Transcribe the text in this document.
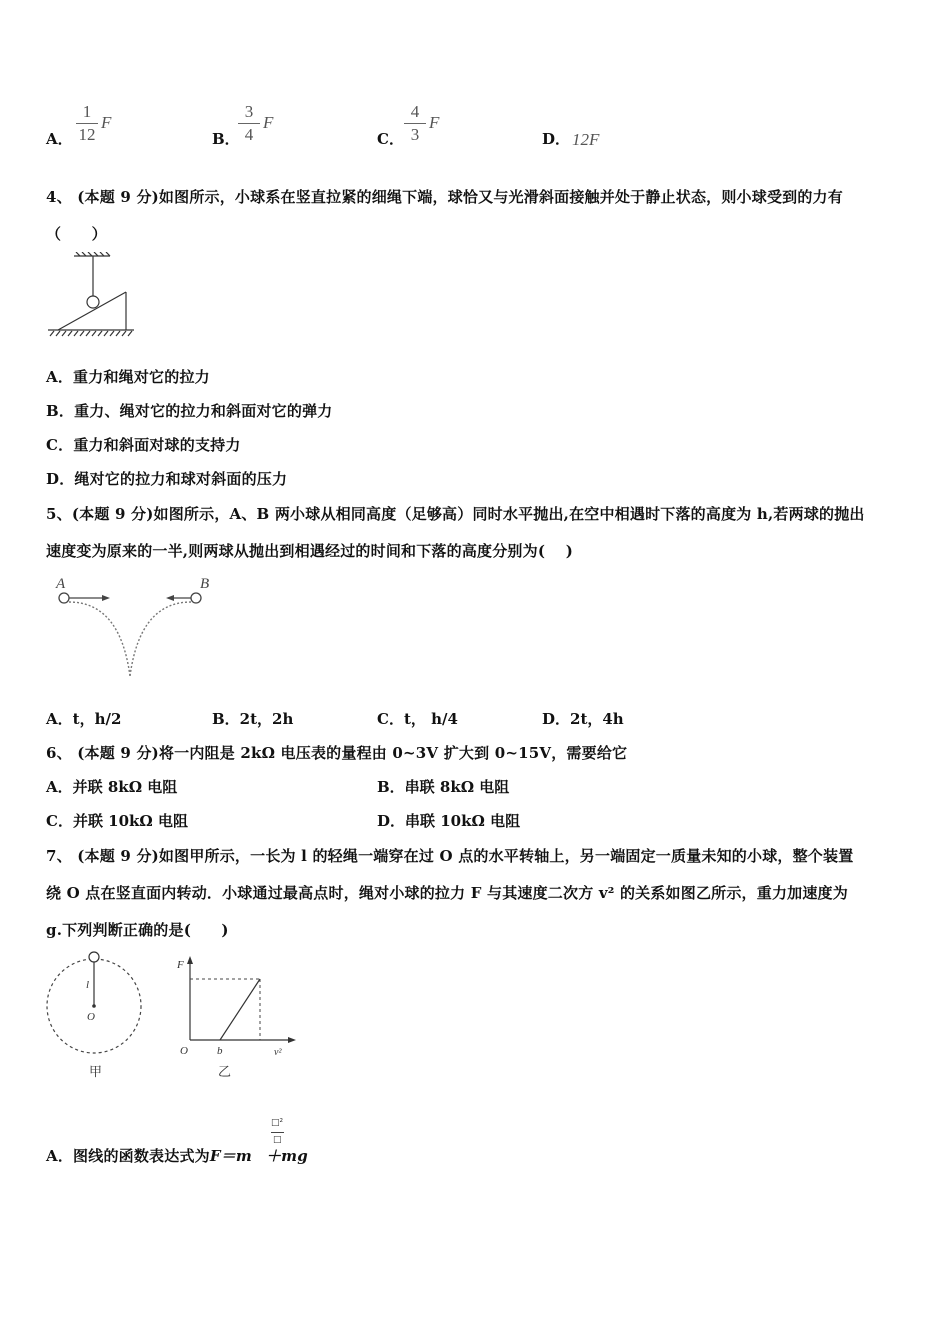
A．
1
12
F
B．
3
4
F
C．
4
3
F
D． 12F
4、 (本题 9 分)如图所示，小球系在竖直拉紧的细绳下端，球恰又与光滑斜面接触并处于静止状态，则小球受到的力有
（　　）
A．重力和绳对它的拉力
B．重力、绳对它的拉力和斜面对它的弹力
C．重力和斜面对球的支持力
D．绳对它的拉力和球对斜面的压力
5、(本题 9 分)如图所示，A、B 两小球从相同高度（足够高）同时水平抛出,在空中相遇时下落的高度为 h,若两球的抛出
速度变为原来的一半,则两球从抛出到相遇经过的时间和下落的高度分别为(　 )
A	B
A．t，h/2	B．2t，2h	C．t， h/4	D．2t，4h
6、 (本题 9 分)将一内阻是 2kΩ 电压表的量程由 0~3V 扩大到 0~15V，需要给它
A．并联 8kΩ 电阻	B．串联 8kΩ 电阻
C．并联 10kΩ 电阻	D．串联 10kΩ 电阻
7、 (本题 9 分)如图甲所示，一长为 l 的轻绳一端穿在过 O 点的水平转轴上，另一端固定一质量未知的小球，整个装置
绕 O 点在竖直面内转动．小球通过最高点时，绳对小球的拉力 F 与其速度二次方 v² 的关系如图乙所示，重力加速度为
g.下列判断正确的是(　　)
l
O
甲
F
O	b	v²
乙
A．图线的函数表达式为F＝m ＋mg
□²
□
